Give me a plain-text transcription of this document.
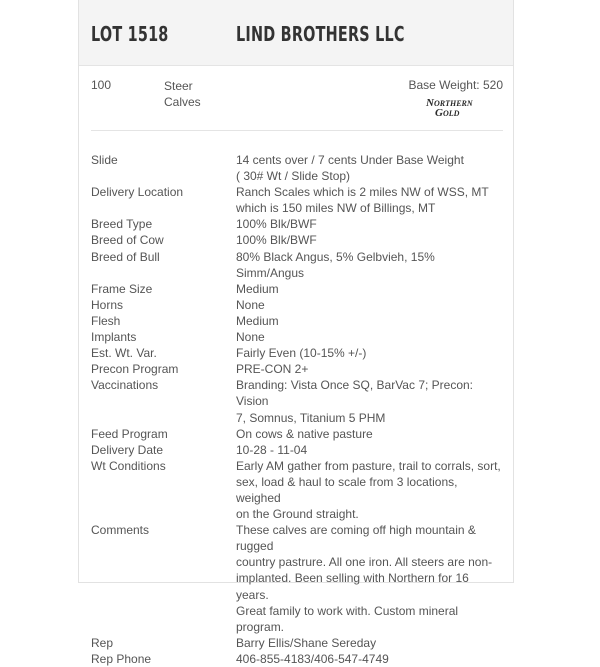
LOT 1518	LIND BROTHERS LLC
100	Steer
Calves
Base Weight: 520
N ORTHERN
G OLD
Slide	14 cents over / 7 cents Under Base Weight
( 30# Wt / Slide Stop)
Delivery Location	Ranch Scales which is 2 miles NW of WSS, MT
which is 150 miles NW of Billings, MT
Breed Type	100% Blk/BWF
Breed of Cow	100% Blk/BWF
Breed of Bull	80% Black Angus, 5% Gelbvieh, 15% Simm/Angus
Frame Size	Medium
Horns	None
Flesh	Medium
Implants	None
Est. Wt. Var.	Fairly Even (10-15% +/-)
Precon Program	PRE-CON 2+
Vaccinations	Branding: Vista Once SQ, BarVac 7; Precon: Vision
7, Somnus, Titanium 5 PHM
Feed Program	On cows & native pasture
Delivery Date	10-28 - 11-04
Wt Conditions	Early AM gather from pasture, trail to corrals, sort,
sex, load & haul to scale from 3 locations, weighed
on the Ground straight.
Comments	These calves are coming off high mountain & rugged
country pastrure. All one iron. All steers are non-
implanted. Been selling with Northern for 16 years.
Great family to work with. Custom mineral program.
Rep	Barry Ellis/Shane Sereday
Rep Phone	406-855-4183/406-547-4749
